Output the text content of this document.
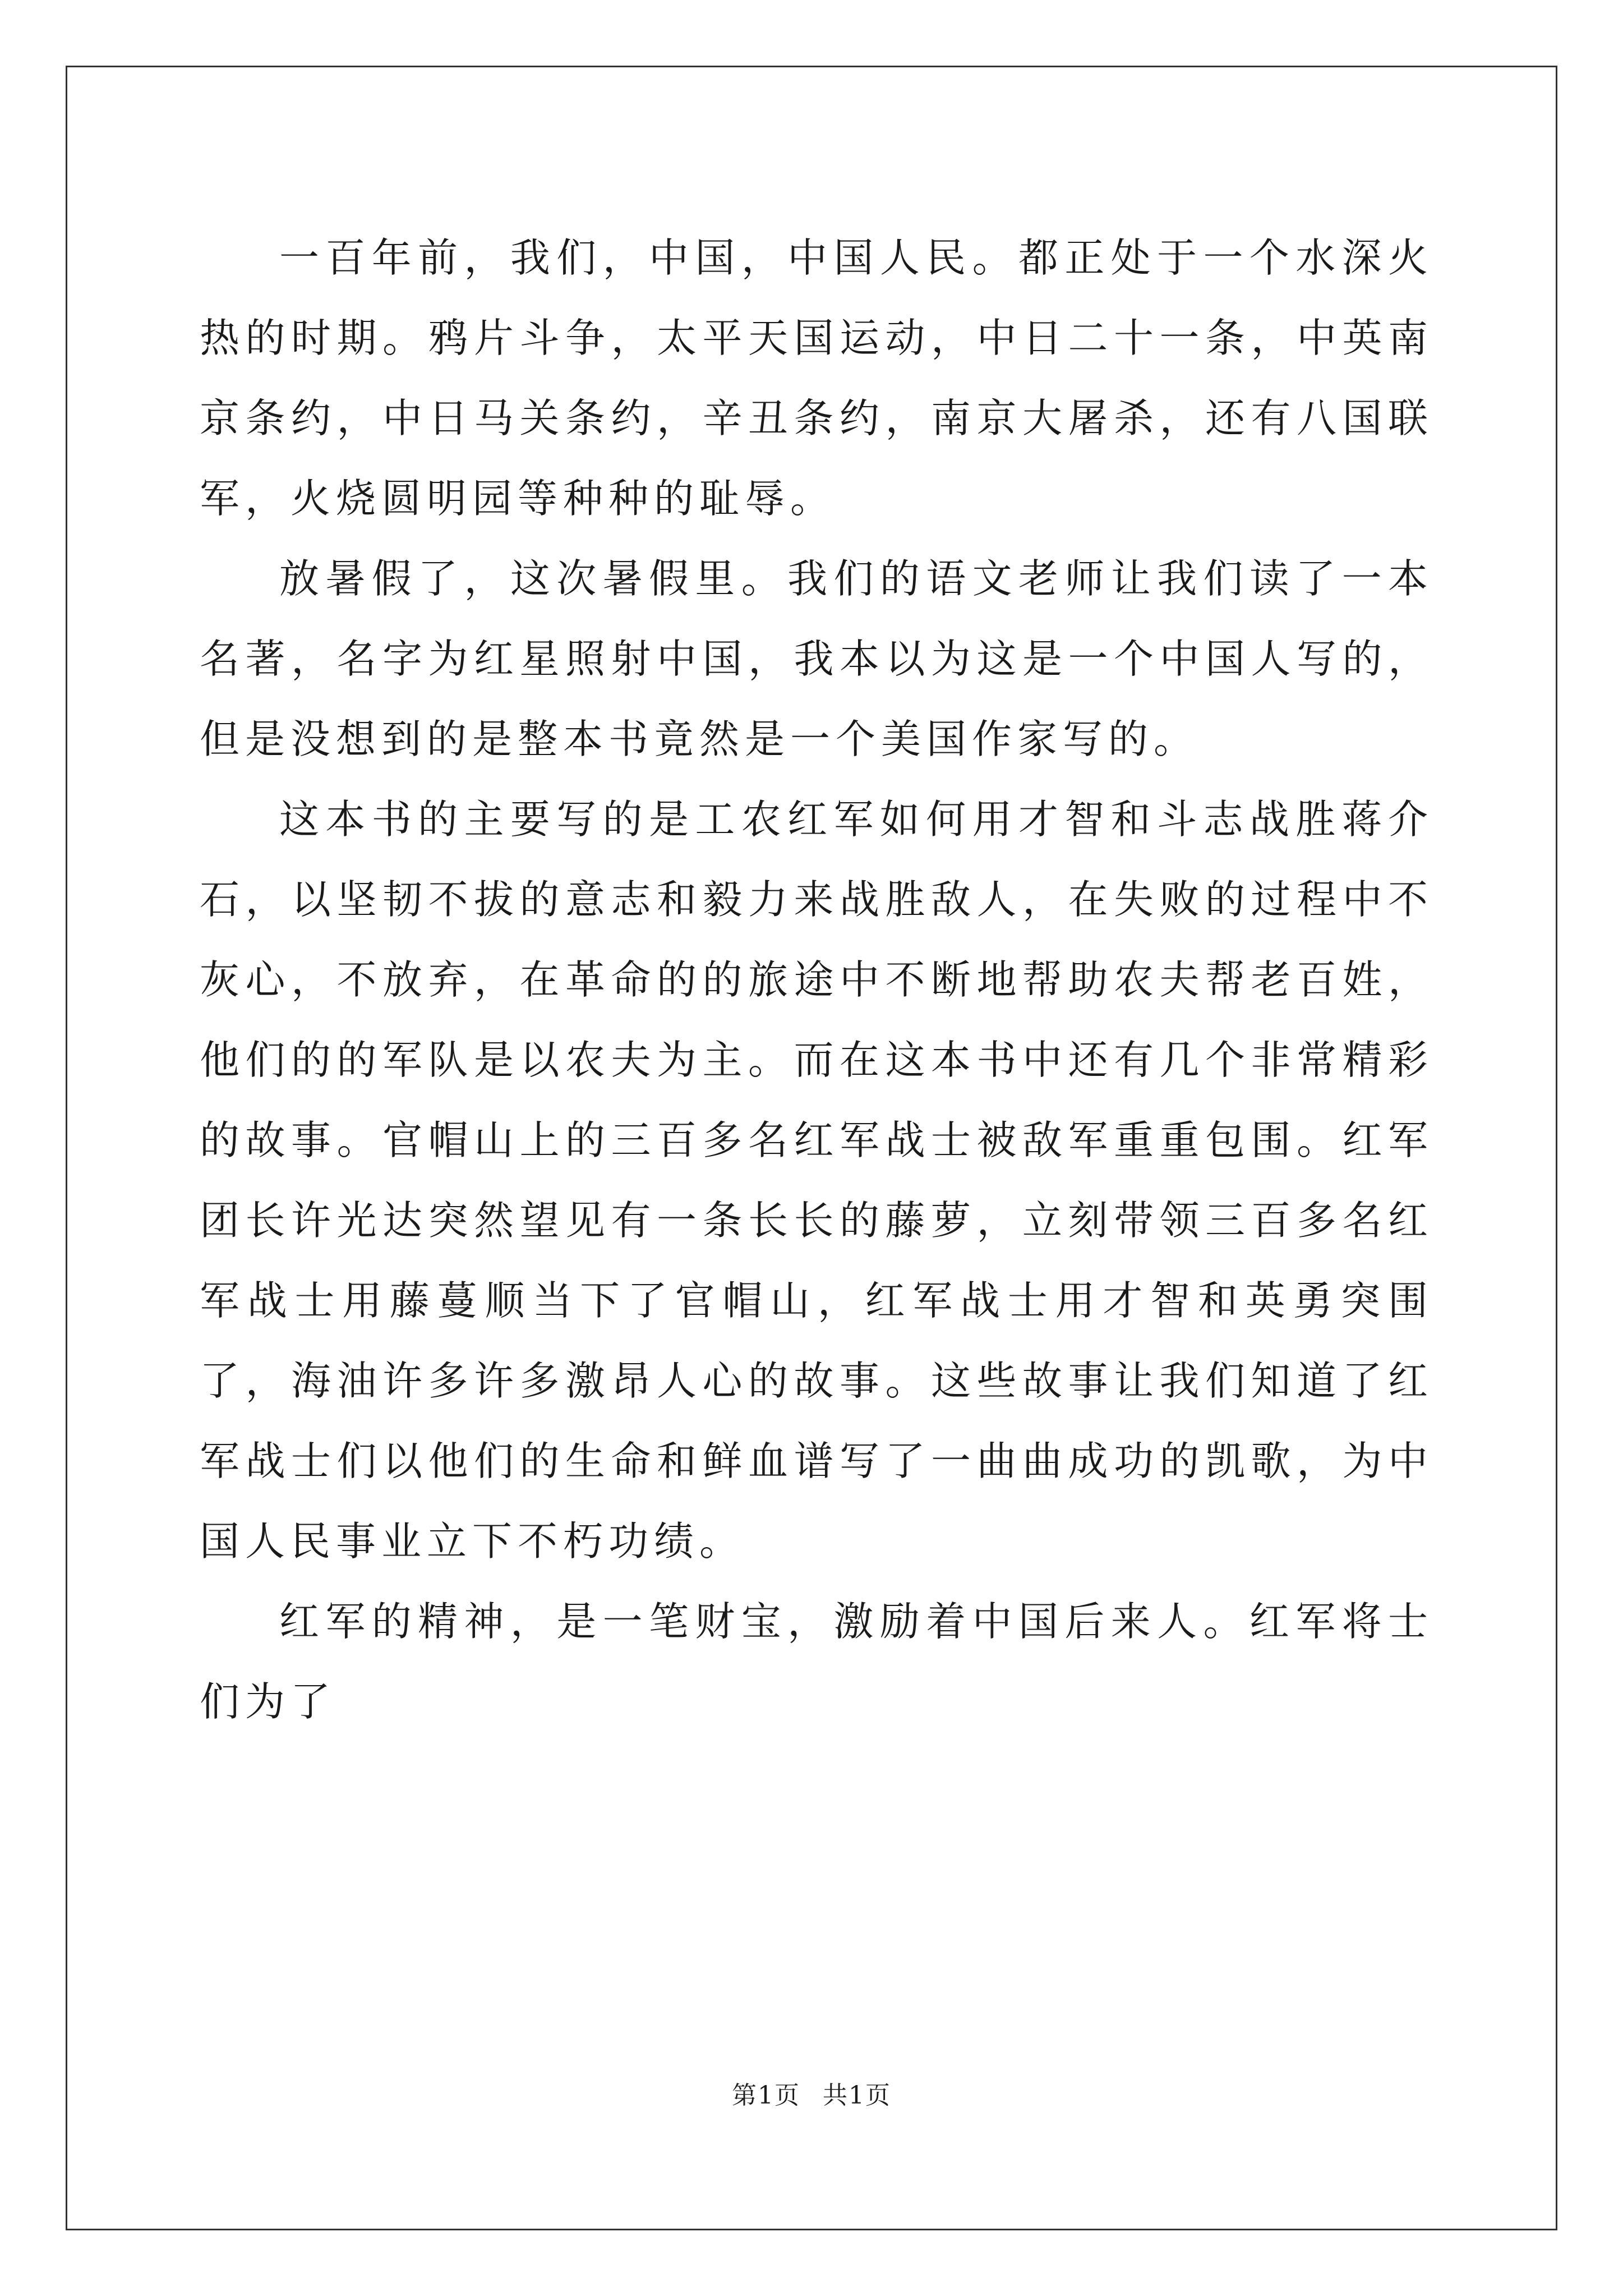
一百年前，我们，中国，中国人民。都正处于一个水深火热的时期。鸦片斗争，太平天国运动，中日二十一条，中英南京条约，中日马关条约，辛丑条约，南京大屠杀，还有八国联军，火烧圆明园等种种的耻辱。

放暑假了，这次暑假里。我们的语文老师让我们读了一本名著，名字为红星照射中国，我本以为这是一个中国人写的，但是没想到的是整本书竟然是一个美国作家写的。

这本书的主要写的是工农红军如何用才智和斗志战胜蒋介石，以坚韧不拔的意志和毅力来战胜敌人，在失败的过程中不灰心，不放弃，在革命的的旅途中不断地帮助农夫帮老百姓，他们的的军队是以农夫为主。而在这本书中还有几个非常精彩的故事。官帽山上的三百多名红军战士被敌军重重包围。红军团长许光达突然望见有一条长长的藤萝，立刻带领三百多名红军战士用藤蔓顺当下了官帽山，红军战士用才智和英勇突围了，海油许多许多激昂人心的故事。这些故事让我们知道了红军战士们以他们的生命和鲜血谱写了一曲曲成功的凯歌，为中国人民事业立下不朽功绩。

红军的精神，是一笔财宝，激励着中国后来人。红军将士们为了

第1页 共1页
